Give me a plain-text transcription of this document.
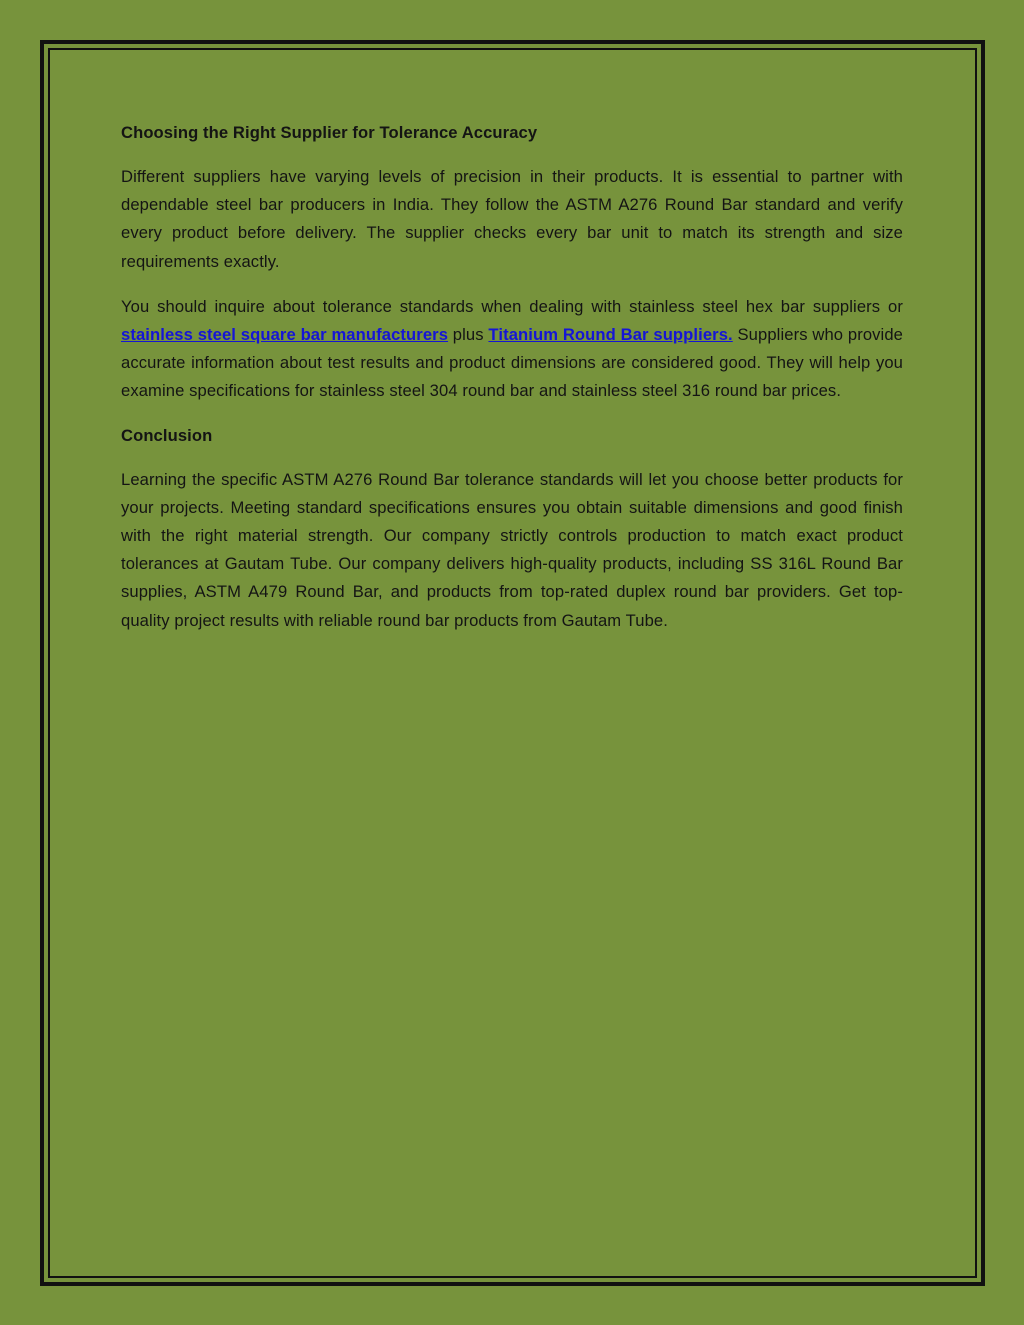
Choosing the Right Supplier for Tolerance Accuracy

Different suppliers have varying levels of precision in their products. It is essential to partner with dependable steel bar producers in India. They follow the ASTM A276 Round Bar standard and verify every product before delivery. The supplier checks every bar unit to match its strength and size requirements exactly.

You should inquire about tolerance standards when dealing with stainless steel hex bar suppliers or stainless steel square bar manufacturers plus Titanium Round Bar suppliers. Suppliers who provide accurate information about test results and product dimensions are considered good. They will help you examine specifications for stainless steel 304 round bar and stainless steel 316 round bar prices.

Conclusion

Learning the specific ASTM A276 Round Bar tolerance standards will let you choose better products for your projects. Meeting standard specifications ensures you obtain suitable dimensions and good finish with the right material strength. Our company strictly controls production to match exact product tolerances at Gautam Tube. Our company delivers high-quality products, including SS 316L Round Bar supplies, ASTM A479 Round Bar, and products from top-rated duplex round bar providers. Get top-quality project results with reliable round bar products from Gautam Tube.
